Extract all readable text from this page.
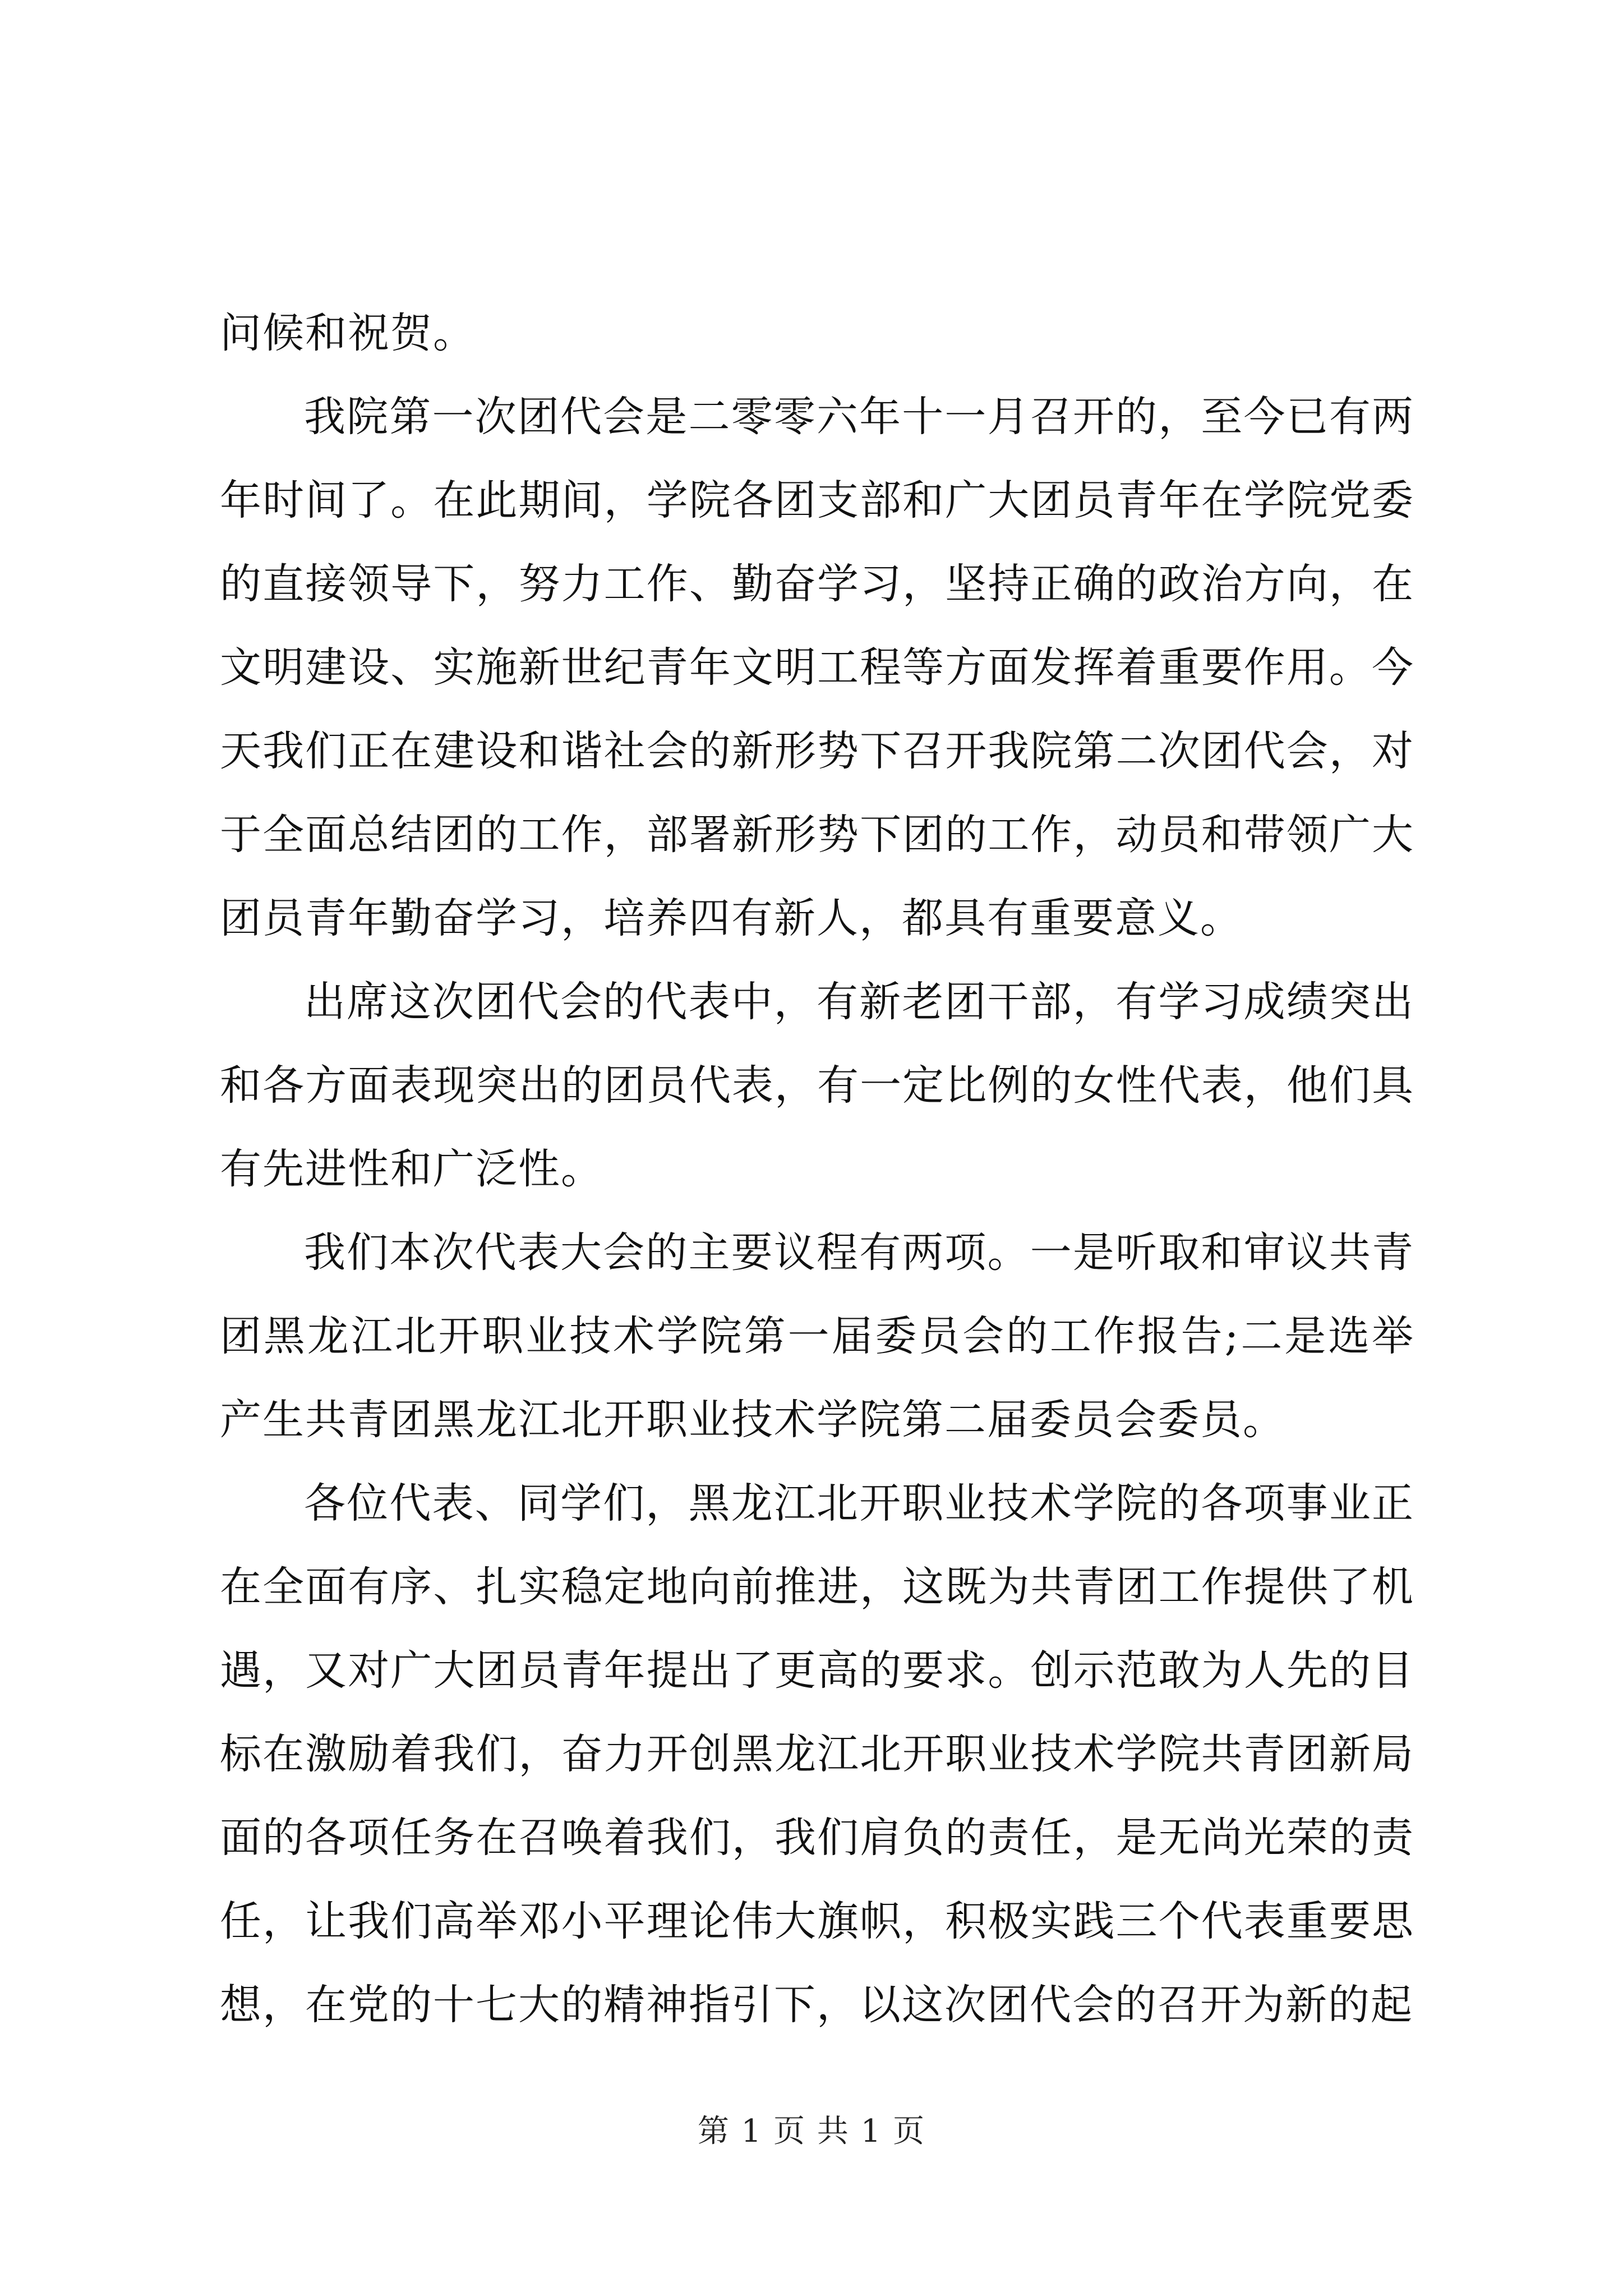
问候和祝贺。

我院第一次团代会是二零零六年十一月召开的，至今已有两年时间了。在此期间，学院各团支部和广大团员青年在学院党委的直接领导下，努力工作、勤奋学习，坚持正确的政治方向，在文明建设、实施新世纪青年文明工程等方面发挥着重要作用。今天我们正在建设和谐社会的新形势下召开我院第二次团代会，对于全面总结团的工作，部署新形势下团的工作，动员和带领广大团员青年勤奋学习，培养四有新人，都具有重要意义。

出席这次团代会的代表中，有新老团干部，有学习成绩突出和各方面表现突出的团员代表，有一定比例的女性代表，他们具有先进性和广泛性。

我们本次代表大会的主要议程有两项。一是听取和审议共青团黑龙江北开职业技术学院第一届委员会的工作报告;二是选举产生共青团黑龙江北开职业技术学院第二届委员会委员。

各位代表、同学们，黑龙江北开职业技术学院的各项事业正在全面有序、扎实稳定地向前推进，这既为共青团工作提供了机遇，又对广大团员青年提出了更高的要求。创示范敢为人先的目标在激励着我们，奋力开创黑龙江北开职业技术学院共青团新局面的各项任务在召唤着我们，我们肩负的责任，是无尚光荣的责任，让我们高举邓小平理论伟大旗帜，积极实践三个代表重要思想，在党的十七大的精神指引下，以这次团代会的召开为新的起

第 1 页 共 1 页
